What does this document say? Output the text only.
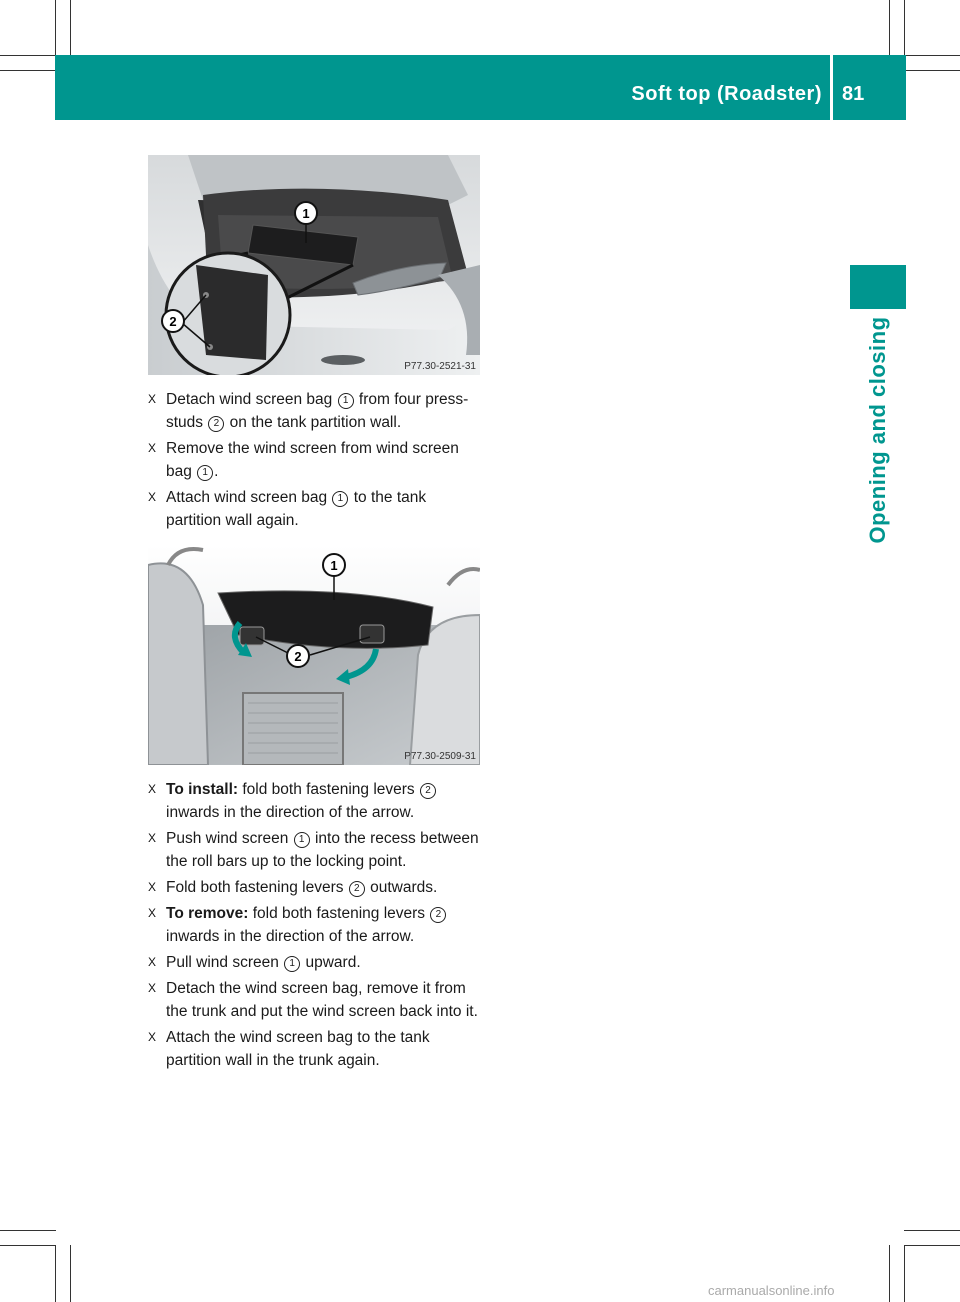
Soft top (Roadster) 81
Opening and closing
1
2
P77.30-2521-31
X Detach wind screen bag 1 from four press-studs 2 on the tank partition wall.
X Remove the wind screen from wind screen bag 1 .
X Attach wind screen bag 1 to the tank partition wall again.
1
2
P77.30-2509-31
X To install: fold both fastening levers 2 inwards in the direction of the arrow.
X Push wind screen 1 into the recess between the roll bars up to the locking point.
X Fold both fastening levers 2 outwards.
X To remove: fold both fastening levers 2 inwards in the direction of the arrow.
X Pull wind screen 1 upward.
X Detach the wind screen bag, remove it from the trunk and put the wind screen back into it.
X Attach the wind screen bag to the tank partition wall in the trunk again.
carmanualsonline.info
